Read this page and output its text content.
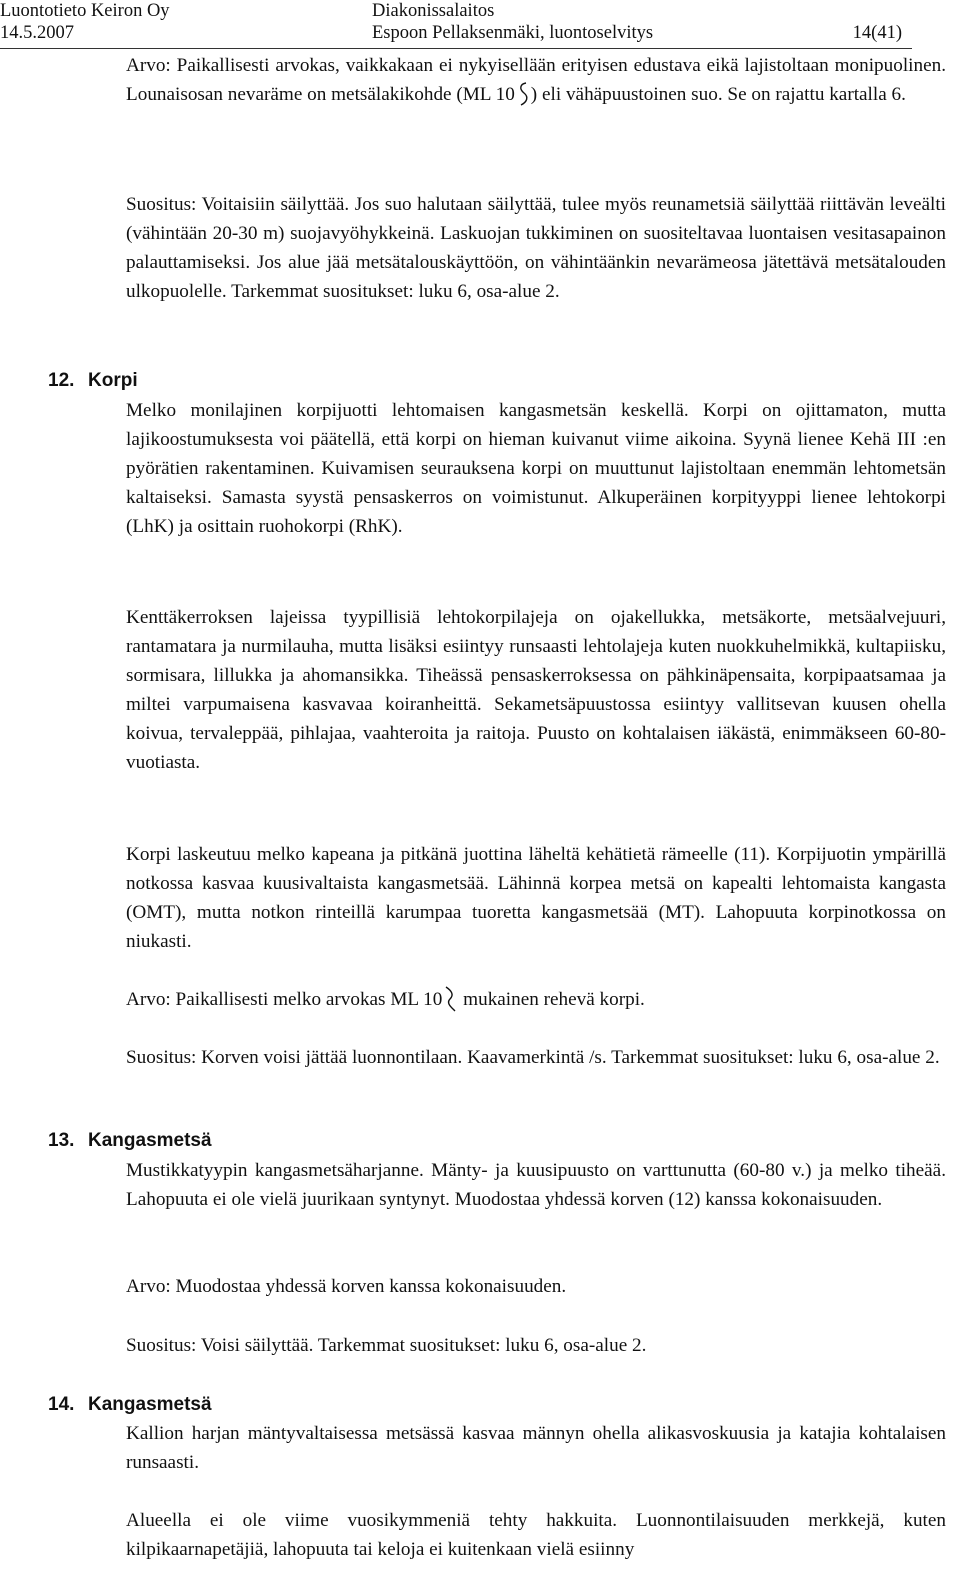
Luontotieto Keiron Oy
14.5.2007
Diakonissalaitos
Espoon Pellaksenmäki, luontoselvitys	14(41)

Arvo: Paikallisesti arvokas, vaikkakaan ei nykyisellään erityisen edustava eikä lajistoltaan monipuolinen. Lounaisosan nevaräme on metsälakikohde (ML 10 ) eli vähäpuustoinen suo. Se on rajattu kartalla 6.

Suositus: Voitaisiin säilyttää. Jos suo halutaan säilyttää, tulee myös reunametsiä säilyttää riittävän leveälti (vähintään 20-30 m) suojavyöhykkeinä. Laskuojan tukkiminen on suositeltavaa luontaisen vesitasapainon palauttamiseksi. Jos alue jää metsätalouskäyttöön, on vähintäänkin nevarämeosa jätettävä metsätalouden ulkopuolelle. Tarkemmat suositukset: luku 6, osa-alue 2.

12. Korpi

Melko monilajinen korpijuotti lehtomaisen kangasmetsän keskellä. Korpi on ojittamaton, mutta lajikoostumuksesta voi päätellä, että korpi on hieman kuivanut viime aikoina. Syynä lienee Kehä III :en pyörätien rakentaminen. Kuivamisen seurauksena korpi on muuttunut lajistoltaan enemmän lehtometsän kaltaiseksi. Samasta syystä pensaskerros on voimistunut. Alkuperäinen korpityyppi lienee lehtokorpi (LhK) ja osittain ruohokorpi (RhK).

Kenttäkerroksen lajeissa tyypillisiä lehtokorpilajeja on ojakellukka, metsäkorte, metsäalvejuuri, rantamatara ja nurmilauha, mutta lisäksi esiintyy runsaasti lehtolajeja kuten nuokkuhelmikkä, kultapiisku, sormisara, lillukka ja ahomansikka. Tiheässä pensaskerroksessa on pähkinäpensaita, korpipaatsamaa ja miltei varpumaisena kasvavaa koiranheittä. Sekametsäpuustossa esiintyy vallitsevan kuusen ohella koivua, tervaleppää, pihlajaa, vaahteroita ja raitoja. Puusto on kohtalaisen iäkästä, enimmäkseen 60-80-vuotiasta.

Korpi laskeutuu melko kapeana ja pitkänä juottina läheltä kehätietä rämeelle (11). Korpijuotin ympärillä notkossa kasvaa kuusivaltaista kangasmetsää. Lähinnä korpea metsä on kapealti lehtomaista kangasta (OMT), mutta notkon rinteillä karumpaa tuoretta kangasmetsää (MT). Lahopuuta korpinotkossa on niukasti.

Arvo: Paikallisesti melko arvokas ML 10 mukainen rehevä korpi.

Suositus: Korven voisi jättää luonnontilaan. Kaavamerkintä /s. Tarkemmat suositukset: luku 6, osa-alue 2.

13. Kangasmetsä

Mustikkatyypin kangasmetsäharjanne. Mänty- ja kuusipuusto on varttunutta (60-80 v.) ja melko tiheää. Lahopuuta ei ole vielä juurikaan syntynyt. Muodostaa yhdessä korven (12) kanssa kokonaisuuden.

Arvo: Muodostaa yhdessä korven kanssa kokonaisuuden.

Suositus: Voisi säilyttää. Tarkemmat suositukset: luku 6, osa-alue 2.

14. Kangasmetsä

Kallion harjan mäntyvaltaisessa metsässä kasvaa männyn ohella alikasvoskuusia ja katajia kohtalaisen runsaasti.

Alueella ei ole viime vuosikymmeniä tehty hakkuita. Luonnontilaisuuden merkkejä, kuten kilpikaarnapetäjiä, lahopuuta tai keloja ei kuitenkaan vielä esiinny
